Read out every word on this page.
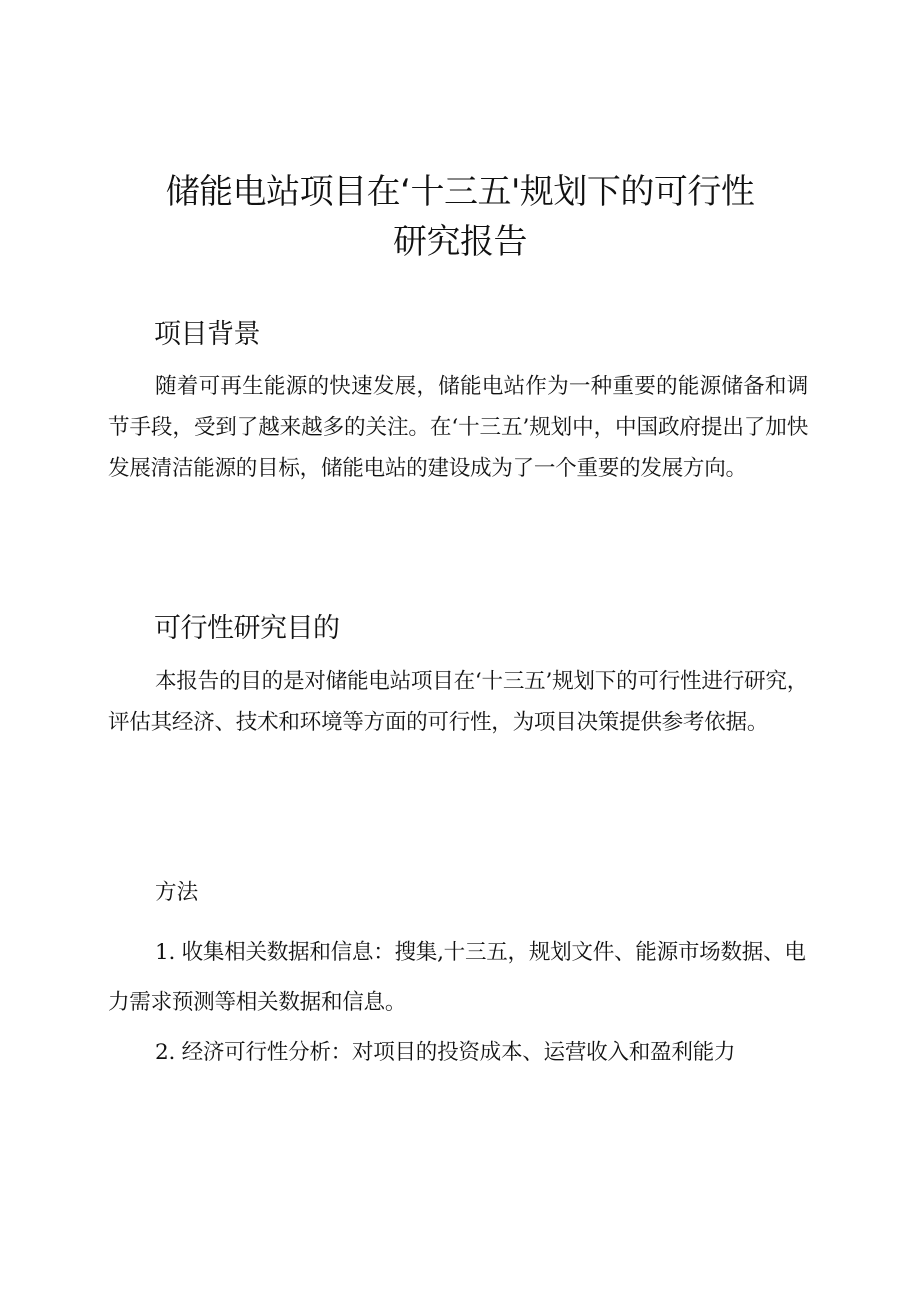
储能电站项目在‘十三五'规划下的可行性
研究报告
项目背景
随着可再生能源的快速发展，储能电站作为一种重要的能源储备和调节手段，受到了越来越多的关注。在‘十三五’规划中，中国政府提出了加快发展清洁能源的目标，储能电站的建设成为了一个重要的发展方向。
可行性研究目的
本报告的目的是对储能电站项目在‘十三五’规划下的可行性进行研究，评估其经济、技术和环境等方面的可行性，为项目决策提供参考依据。
方法
1. 收集相关数据和信息：搜集,十三五，规划文件、能源市场数据、电力需求预测等相关数据和信息。
2. 经济可行性分析：对项目的投资成本、运营收入和盈利能力
